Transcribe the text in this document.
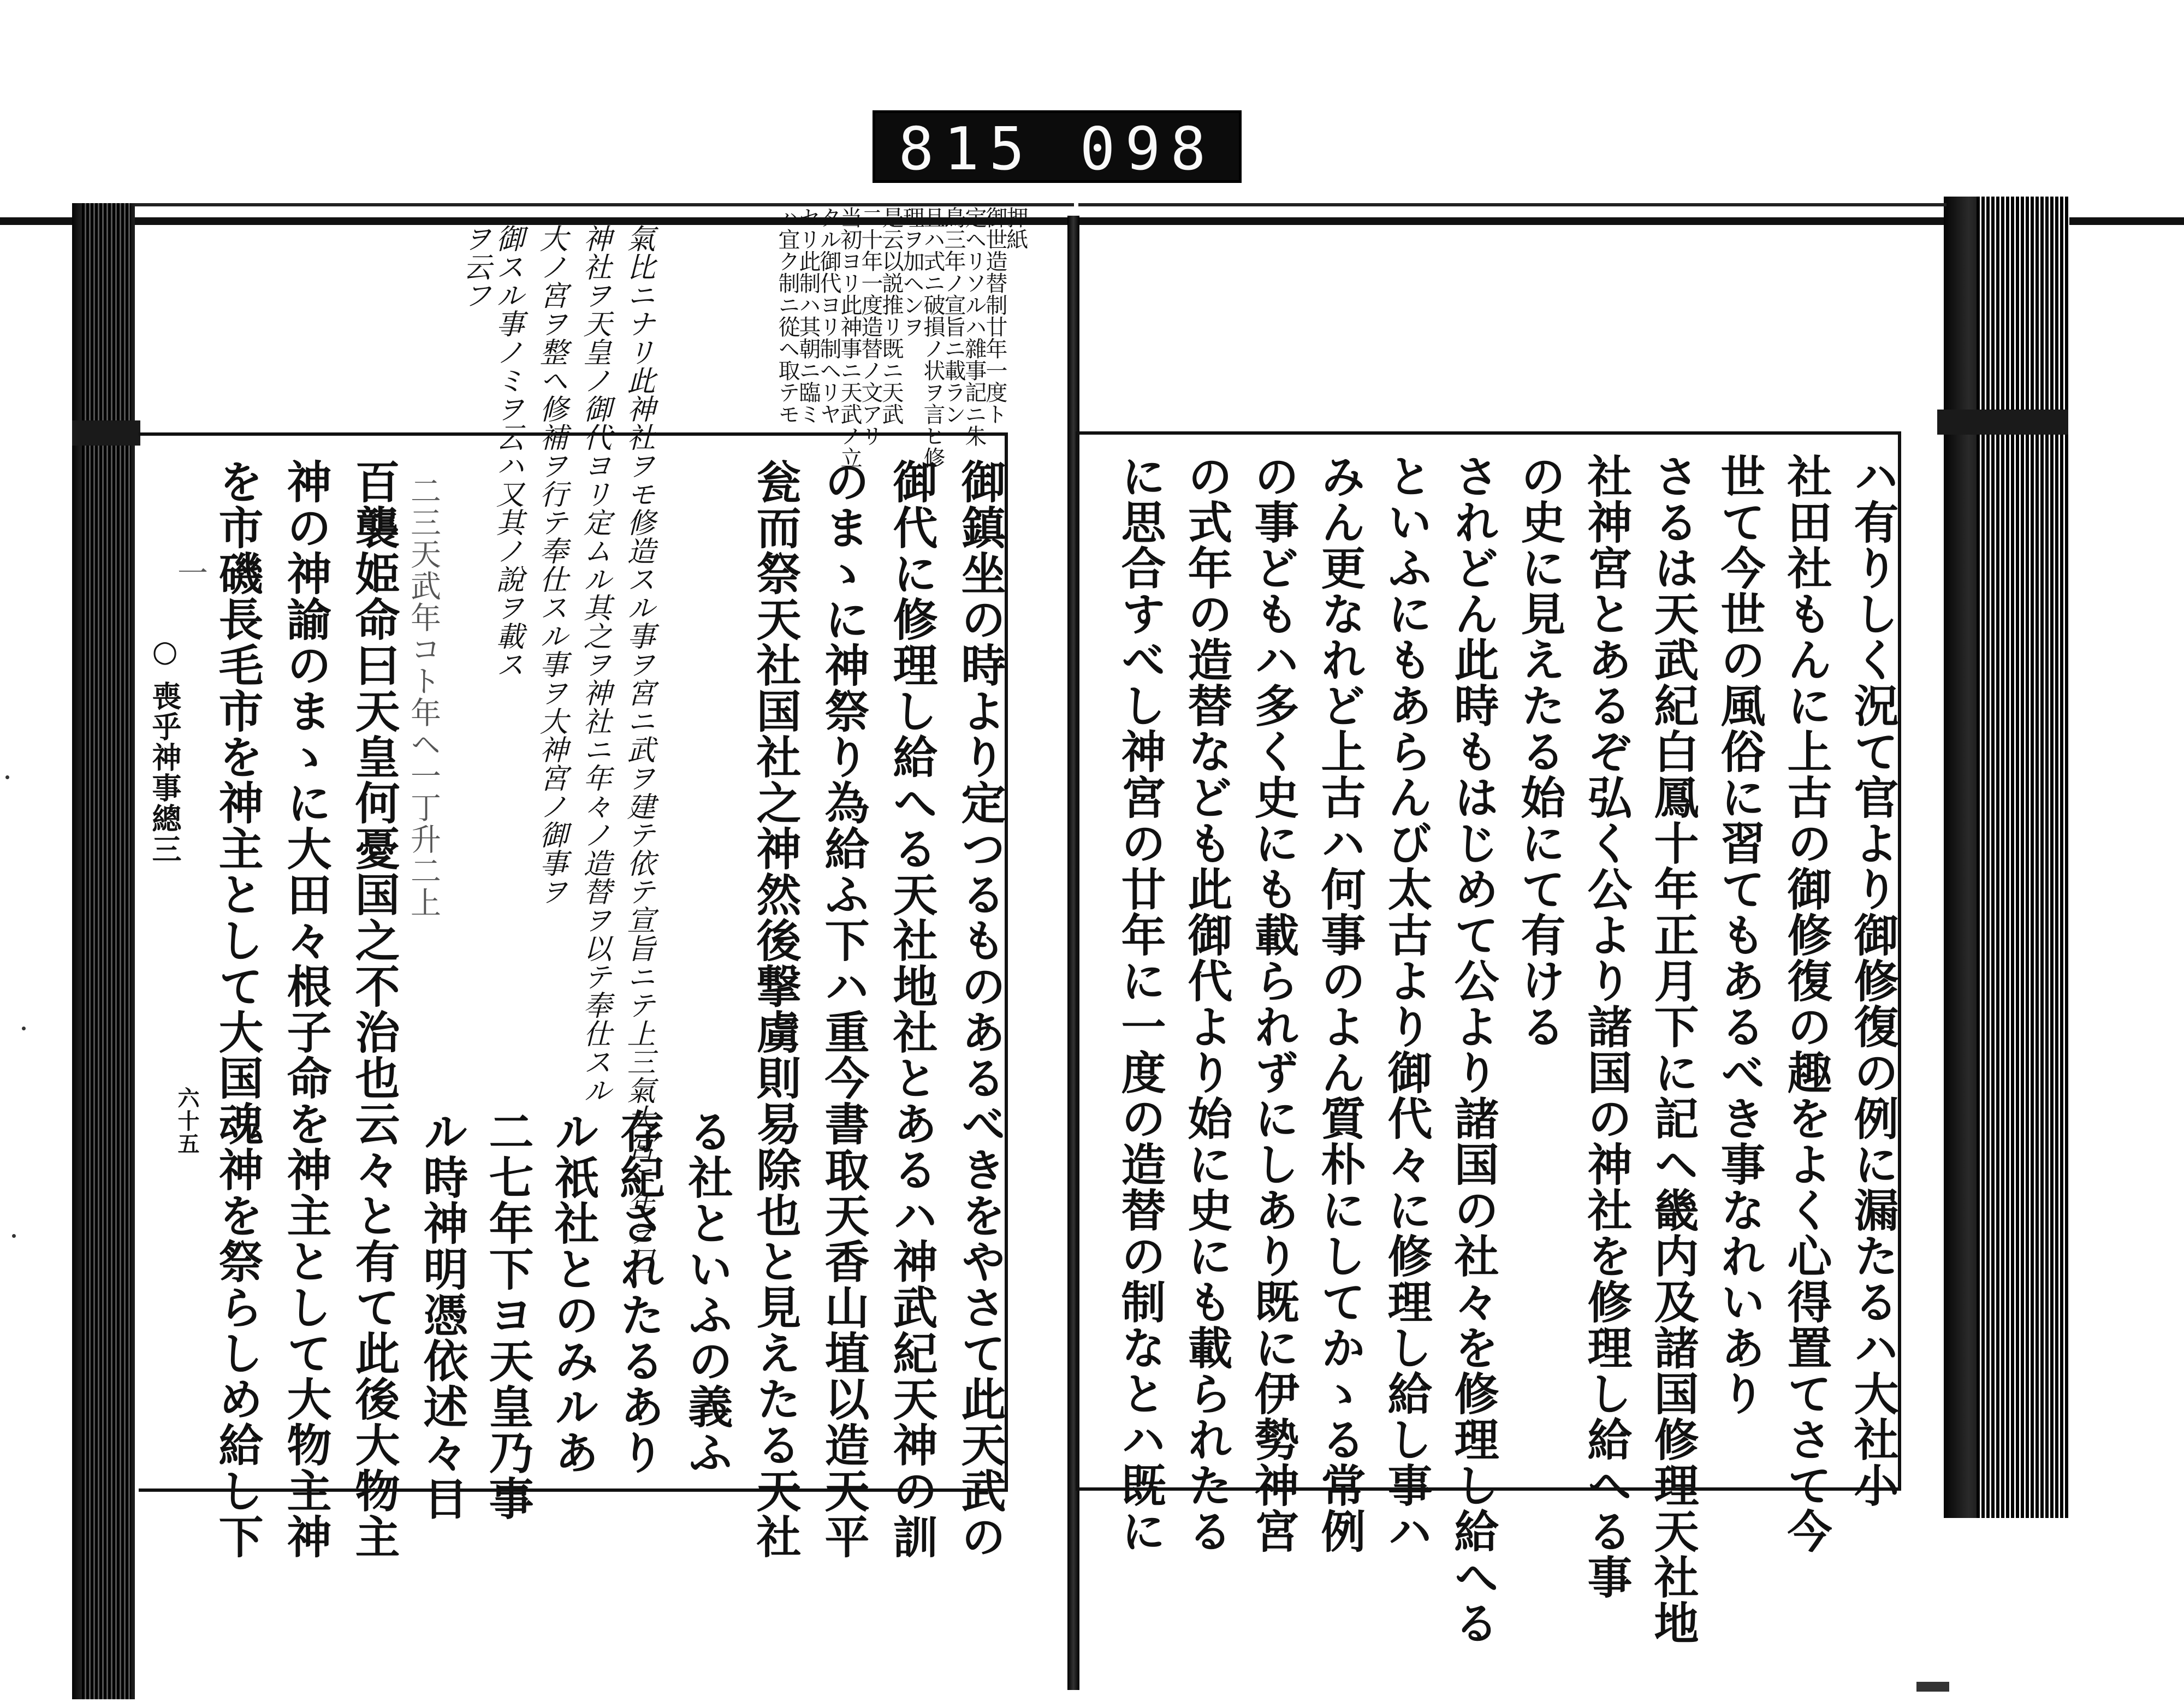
815 098
ハ有りしく況て官より御修復の例に漏たるハ大社小
社田社もんに上古の御修復の趣をよく心得置てさて今
世て今世の風俗に習てもあるべき事なれいあり
さるは天武紀白鳳十年正月下に記ヘ畿内及諸国修理天社地
社神宮とあるぞ弘く公より諸国の神社を修理し給へる事
の史に見えたる始にて有ける
されどん此時もはじめて公より諸国の社々を修理し給へる
といふにもあらんび太古より御代々に修理し給し事ハ
みん更なれど上古ハ何事のよん質朴にしてかゝる常例
の事どもハ多く史にも載られずにしあり既に伊勢神宮
の式年の造替なども此御代より始に史にも載られたる
に思合すべし神宮の廿年に一度の造替の制なとハ既に
御鎮坐の時より定つるものあるべきをやさて此天武の
御代に修理し給へる天社地社とあるハ神武紀天神の訓
のまゝに神祭り為給ふ下ハ重今書取天香山埴以造天平
瓮而祭天社国社之神然後撃虜則易除也と見えたる天社
る社といふの義ふ
存紀されたるあり
ル祇社とのみルあ
二七年下ヨ天皇乃事
ル時神明憑依述々日
百襲姫命曰天皇何憂国之不治也云々と有て此後大物主
神の神諭のまゝに大田々根子命を神主として大物主神
を市磯長毛市を神主として大国魂神を祭らしめ給し下	二三天武年コト年ヘ一丁升二上
一
○ 喪乎神事總三
六十五
押紙
御世造替制廿年一度ト
定ヘリソルハ雜事記ニ朱
鳥三年ノ宣旨ニ載ラン
且ハ式ニ破損ノ状ヲ言ヒ修
理ヲ加ヘンヲ
是云以説推リ既ニ天武
二十年一度造替ノ文アリ
当初ヨリ此神事ニ天武ノ立
タル御代ヨリ制ヘリヤ
セリ此制ハ其朝ニ臨ミ
ハ宜ク制ニ從ヘ取テモ
氣比ニナリ此神社ヲモ修造スル事ヲ宮ニ武ヲ建テ依テ宣旨ニテ上三氣大宮ニ年ヲ日
神社ヲ天皇ノ御代ヨリ定ムル其之ヲ神社ニ年々ノ造替ヲ以テ奉仕スル
大ノ宮ヲ整ヘ修補ヲ行テ奉仕スル事ヲ大神宮ノ御事ヲ
御スル事ノミヲ云ハ又其ノ說ヲ載ス
ヲ云フ
